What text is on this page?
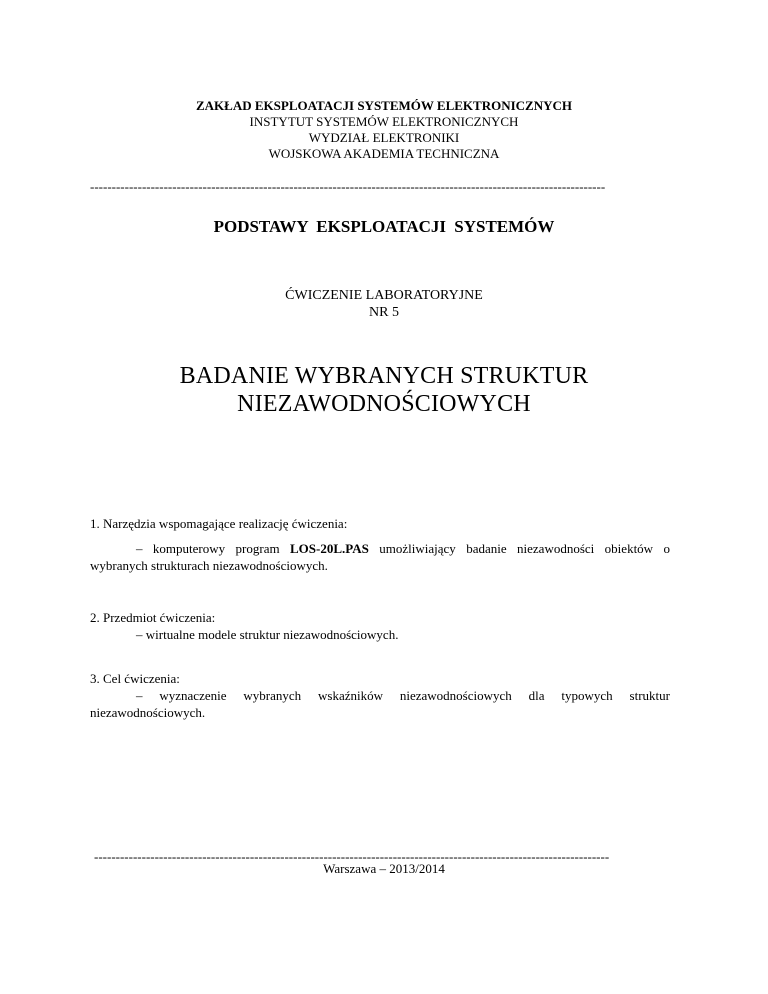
ZAKŁAD EKSPLOATACJI SYSTEMÓW ELEKTRONICZNYCH
INSTYTUT SYSTEMÓW ELEKTRONICZNYCH
WYDZIAŁ ELEKTRONIKI
WOJSKOWA AKADEMIA TECHNICZNA
-----------------------------------------------------------------------------------------------------------------------
PODSTAWY EKSPLOATACJI SYSTEMÓW
ĆWICZENIE LABORATORYJNE
NR 5
BADANIE WYBRANYCH STRUKTUR
NIEZAWODNOŚCIOWYCH
1. Narzędzia wspomagające realizację ćwiczenia:
– komputerowy program LOS-20L.PAS umożliwiający badanie niezawodności obiektów o wybranych strukturach niezawodnościowych.
2. Przedmiot ćwiczenia:
– wirtualne modele struktur niezawodnościowych.
3. Cel ćwiczenia:
– wyznaczenie wybranych wskaźników niezawodnościowych dla typowych struktur niezawodnościowych.
-----------------------------------------------------------------------------------------------------------------------
Warszawa – 2013/2014
